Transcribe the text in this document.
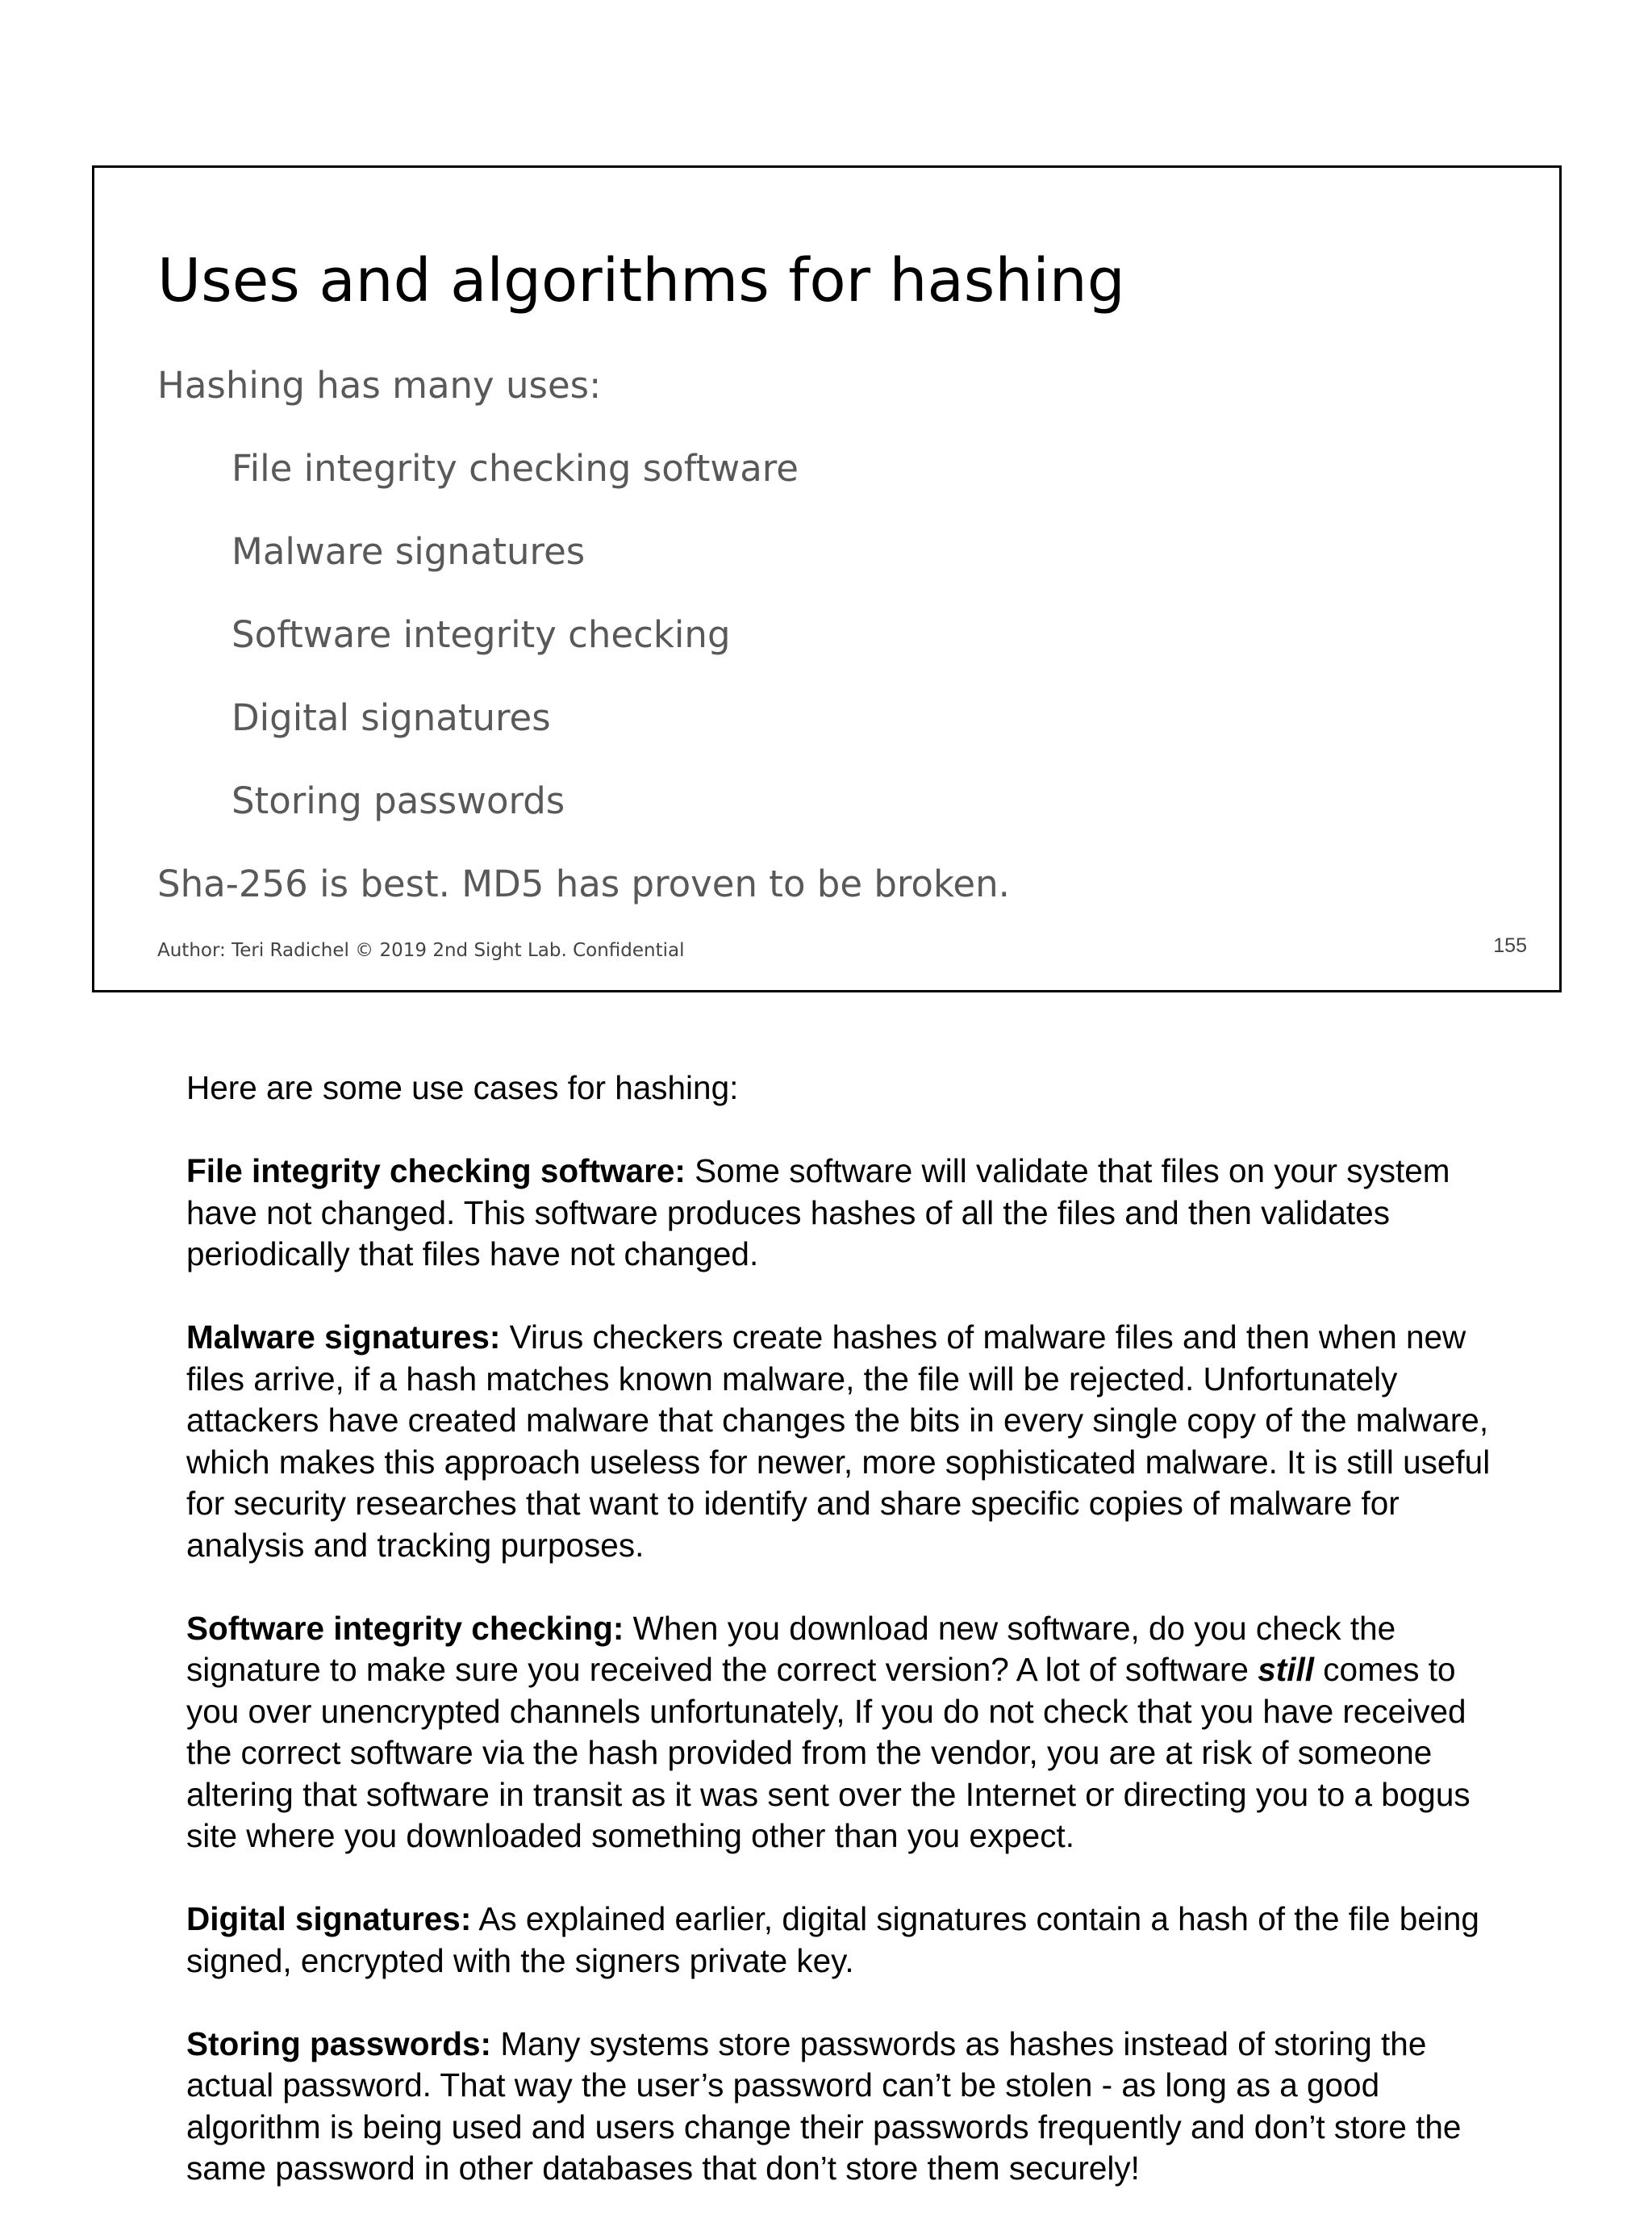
Uses and algorithms for hashing
Hashing has many uses:
File integrity checking software
Malware signatures
Software integrity checking
Digital signatures
Storing passwords
Sha-256 is best. MD5 has proven to be broken.
Author: Teri Radichel © 2019 2nd Sight Lab. Confidential	155

Here are some use cases for hashing:

File integrity checking software: Some software will validate that files on your system have not changed. This software produces hashes of all the files and then validates periodically that files have not changed.

Malware signatures: Virus checkers create hashes of malware files and then when new files arrive, if a hash matches known malware, the file will be rejected. Unfortunately attackers have created malware that changes the bits in every single copy of the malware, which makes this approach useless for newer, more sophisticated malware. It is still useful for security researches that want to identify and share specific copies of malware for analysis and tracking purposes.

Software integrity checking: When you download new software, do you check the signature to make sure you received the correct version? A lot of software still comes to you over unencrypted channels unfortunately, If you do not check that you have received the correct software via the hash provided from the vendor, you are at risk of someone altering that software in transit as it was sent over the Internet or directing you to a bogus site where you downloaded something other than you expect.

Digital signatures: As explained earlier, digital signatures contain a hash of the file being signed, encrypted with the signers private key.

Storing passwords: Many systems store passwords as hashes instead of storing the actual password. That way the user’s password can’t be stolen - as long as a good algorithm is being used and users change their passwords frequently and don’t store the same password in other databases that don’t store them securely!
